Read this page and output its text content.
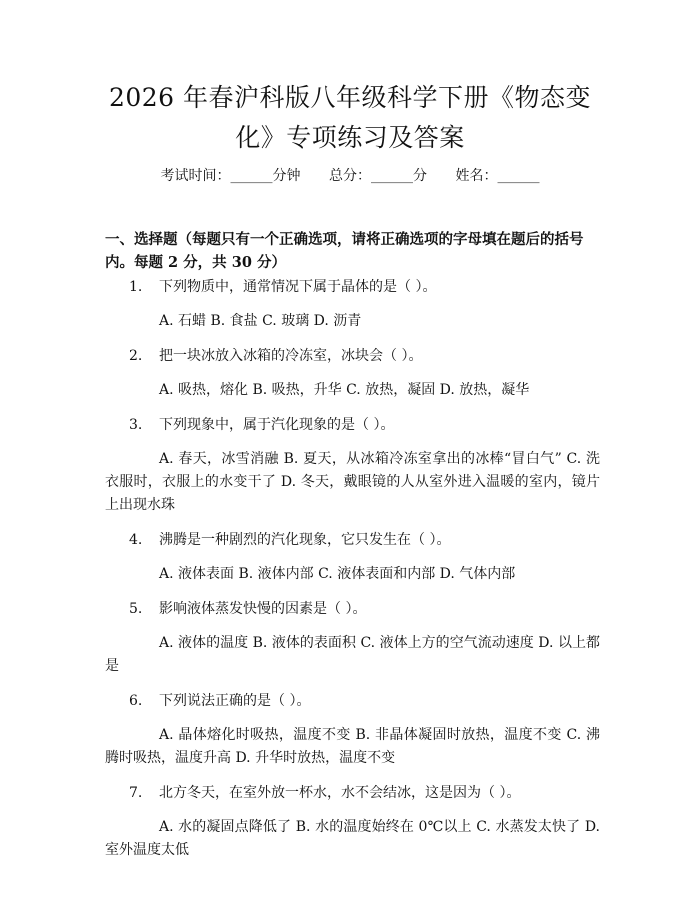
2026 年春沪科版八年级科学下册《物态变
化》专项练习及答案
考试时间：______分钟 总分：______分 姓名：______
一、选择题（每题只有一个正确选项，请将正确选项的字母填在题后的括号内。每题 2 分，共 30 分）
1.	下列物质中，通常情况下属于晶体的是（ ）。
A. 石蜡 B. 食盐 C. 玻璃 D. 沥青
2.	把一块冰放入冰箱的冷冻室，冰块会（ ）。
A. 吸热，熔化 B. 吸热，升华 C. 放热，凝固 D. 放热，凝华
3.	下列现象中，属于汽化现象的是（ ）。
A. 春天，冰雪消融 B. 夏天，从冰箱冷冻室拿出的冰棒“冒白气” C. 洗衣服时，衣服上的水变干了 D. 冬天，戴眼镜的人从室外进入温暖的室内，镜片上出现水珠
4.	沸腾是一种剧烈的汽化现象，它只发生在（ ）。
A. 液体表面 B. 液体内部 C. 液体表面和内部 D. 气体内部
5.	影响液体蒸发快慢的因素是（ ）。
A. 液体的温度 B. 液体的表面积 C. 液体上方的空气流动速度 D. 以上都是
6.	下列说法正确的是（ ）。
A. 晶体熔化时吸热，温度不变 B. 非晶体凝固时放热，温度不变 C. 沸腾时吸热，温度升高 D. 升华时放热，温度不变
7.	北方冬天，在室外放一杯水，水不会结冰，这是因为（ ）。
A. 水的凝固点降低了 B. 水的温度始终在 0℃以上 C. 水蒸发太快了 D. 室外温度太低
